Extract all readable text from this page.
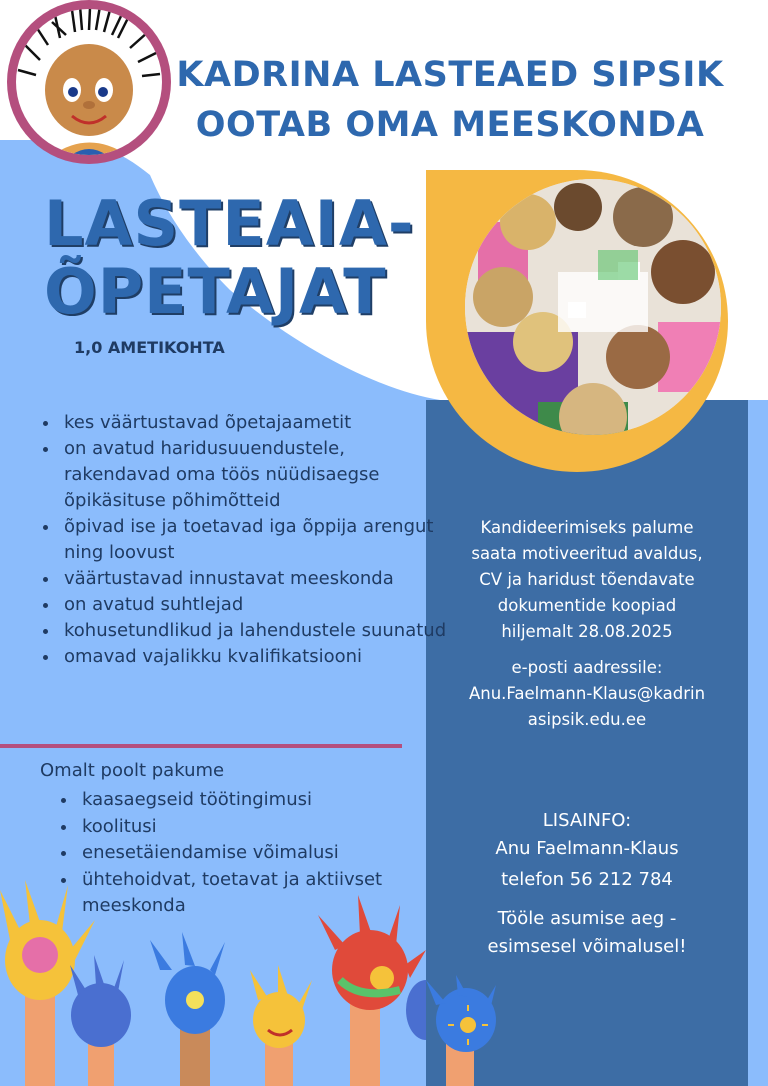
KADRINA LASTEAED SIPSIK
OOTAB OMA MEESKONDA
LASTEAIA-
ÕPETAJAT
1,0 AMETIKOHTA
• kes väärtustavad õpetajaametit
• on avatud haridusuuendustele, rakendavad oma töös nüüdisaegse õpikäsituse põhimõtteid
• õpivad ise ja toetavad iga õppija arengut ning loovust
• väärtustavad innustavat meeskonda
• on avatud suhtlejad
• kohusetundlikud ja lahendustele suunatud
• omavad vajalikku kvalifikatsiooni
Omalt poolt pakume
• kaasaegseid töötingimusi
• koolitusi
• enesetäiendamise võimalusi
• ühtehoidvat, toetavat ja aktiivset meeskonda
Kandideerimiseks palume saata motiveeritud avaldus, CV ja haridust tõendavate dokumentide koopiad hiljemalt 28.08.2025
e-posti aadressile:
Anu.Faelmann-Klaus@kadrinasipsik.edu.ee
LISAINFO:
Anu Faelmann-Klaus
telefon 56 212 784
Tööle asumise aeg - esimsesel võimalusel!
